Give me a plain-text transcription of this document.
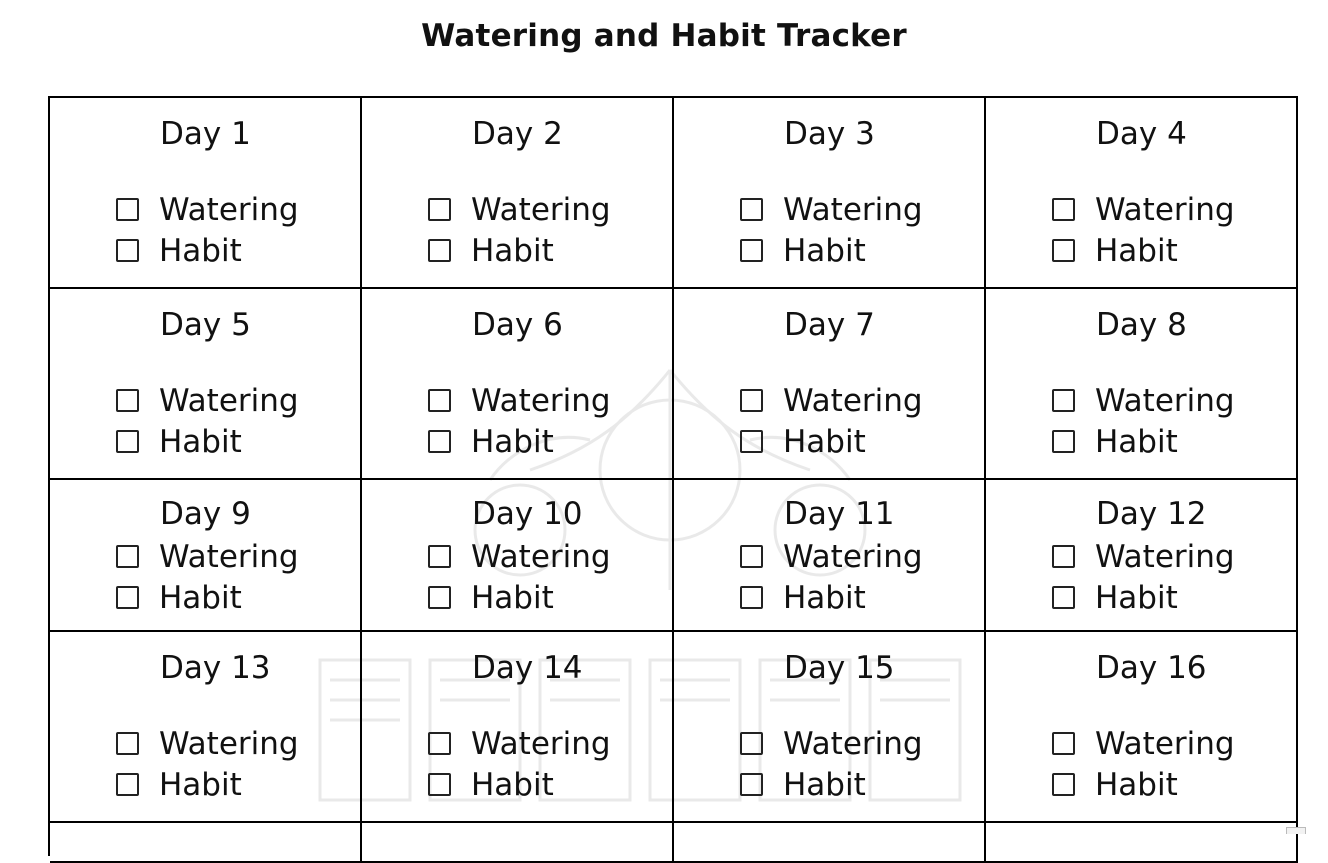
Watering and Habit Tracker
Day 1
Watering
Habit
Day 2
Watering
Habit
Day 3
Watering
Habit
Day 4
Watering
Habit
Day 5
Watering
Habit
Day 6
Watering
Habit
Day 7
Watering
Habit
Day 8
Watering
Habit
Day 9
Watering
Habit
Day 10
Watering
Habit
Day 11
Watering
Habit
Day 12
Watering
Habit
Day 13
Watering
Habit
Day 14
Watering
Habit
Day 15
Watering
Habit
Day 16
Watering
Habit
